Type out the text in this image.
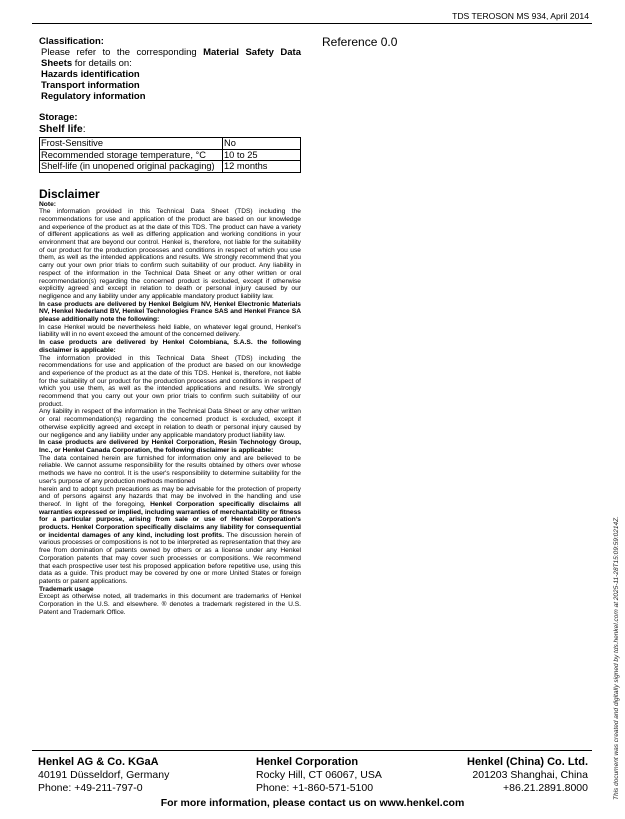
TDS TEROSON MS 934, April 2014
Reference 0.0
Classification:
Please refer to the corresponding Material Safety Data Sheets for details on:
Hazards identification
Transport information
Regulatory information
Storage:
Shelf life:
Frost-Sensitive	No
Recommended storage temperature, °C	10 to 25
Shelf-life (in unopened original packaging)	12 months
Disclaimer
Note:
The information provided in this Technical Data Sheet (TDS) including the recommendations for use and application of the product are based on our knowledge and experience of the product as at the date of this TDS. The product can have a variety of different applications as well as differing application and working conditions in your environment that are beyond our control. Henkel is, therefore, not liable for the suitability of our product for the production processes and conditions in respect of which you use them, as well as the intended applications and results. We strongly recommend that you carry out your own prior trials to confirm such suitability of our product. Any liability in respect of the information in the Technical Data Sheet or any other written or oral recommendation(s) regarding the concerned product is excluded, except if otherwise explicitly agreed and except in relation to death or personal injury caused by our negligence and any liability under any applicable mandatory product liability law.
In case products are delivered by Henkel Belgium NV, Henkel Electronic Materials NV, Henkel Nederland BV, Henkel Technologies France SAS and Henkel France SA please additionally note the following:
In case Henkel would be nevertheless held liable, on whatever legal ground, Henkel's liability will in no event exceed the amount of the concerned delivery.
In case products are delivered by Henkel Colombiana, S.A.S. the following disclaimer is applicable:
The information provided in this Technical Data Sheet (TDS) including the recommendations for use and application of the product are based on our knowledge and experience of the product as at the date of this TDS. Henkel is, therefore, not liable for the suitability of our product for the production processes and conditions in respect of which you use them, as well as the intended applications and results. We strongly recommend that you carry out your own prior trials to confirm such suitability of our product.
Any liability in respect of the information in the Technical Data Sheet or any other written or oral recommendation(s) regarding the concerned product is excluded, except if otherwise explicitly agreed and except in relation to death or personal injury caused by our negligence and any liability under any applicable mandatory product liability law.
In case products are delivered by Henkel Corporation, Resin Technology Group, Inc., or Henkel Canada Corporation, the following disclaimer is applicable:
The data contained herein are furnished for information only and are believed to be reliable. We cannot assume responsibility for the results obtained by others over whose methods we have no control. It is the user's responsibility to determine suitability for the user's purpose of any production methods mentioned
herein and to adopt such precautions as may be advisable for the protection of property and of persons against any hazards that may be involved in the handling and use thereof. In light of the foregoing, Henkel Corporation specifically disclaims all warranties expressed or implied, including warranties of merchantability or fitness for a particular purpose, arising from sale or use of Henkel Corporation's products. Henkel Corporation specifically disclaims any liability for consequential or incidental damages of any kind, including lost profits. The discussion herein of various processes or compositions is not to be interpreted as representation that they are free from domination of patents owned by others or as a license under any Henkel Corporation patents that may cover such processes or compositions. We recommend that each prospective user test his proposed application before repetitive use, using this data as a guide. This product may be covered by one or more United States or foreign patents or patent applications.
Trademark usage
Except as otherwise noted, all trademarks in this document are trademarks of Henkel Corporation in the U.S. and elsewhere. ® denotes a trademark registered in the U.S. Patent and Trademark Office.
Henkel AG & Co. KGaA
40191 Düsseldorf, Germany
Phone: +49-211-797-0
Henkel Corporation
Rocky Hill, CT 06067, USA
Phone: +1-860-571-5100
Henkel (China) Co. Ltd.
201203 Shanghai, China
+86.21.2891.8000
For more information, please contact us on www.henkel.com
This document was created and digitally signed by tds.henkel.com at 2025-11-28T15:09:59:0214Z.
